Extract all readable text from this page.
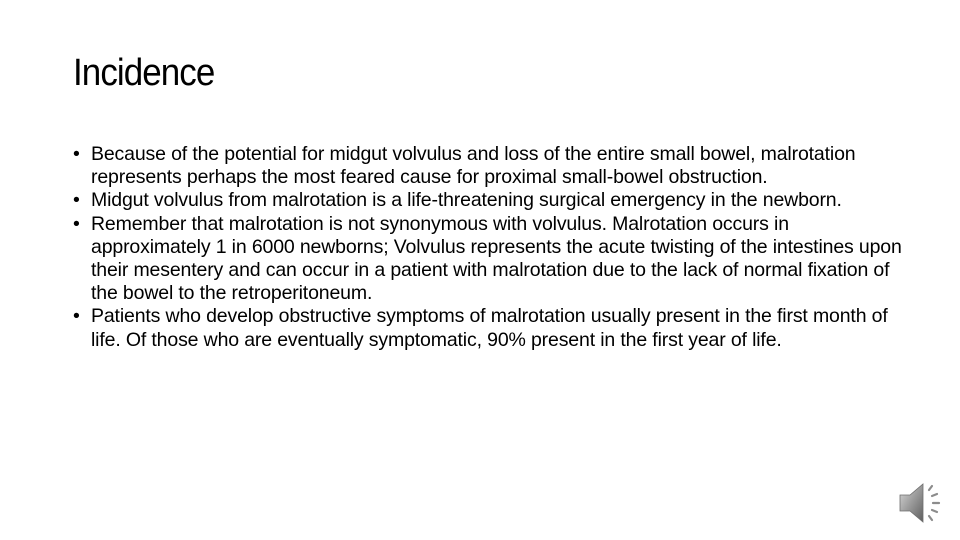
Incidence
• Because of the potential for midgut volvulus and loss of the entire small bowel, malrotation represents perhaps the most feared cause for proximal small-bowel obstruction.
• Midgut volvulus from malrotation is a life-threatening surgical emergency in the newborn.
• Remember that malrotation is not synonymous with volvulus. Malrotation occurs in approximately 1 in 6000 newborns; Volvulus represents the acute twisting of the intestines upon their mesentery and can occur in a patient with malrotation due to the lack of normal fixation of the bowel to the retroperitoneum.
• Patients who develop obstructive symptoms of malrotation usually present in the first month of life. Of those who are eventually symptomatic, 90% present in the first year of life.
